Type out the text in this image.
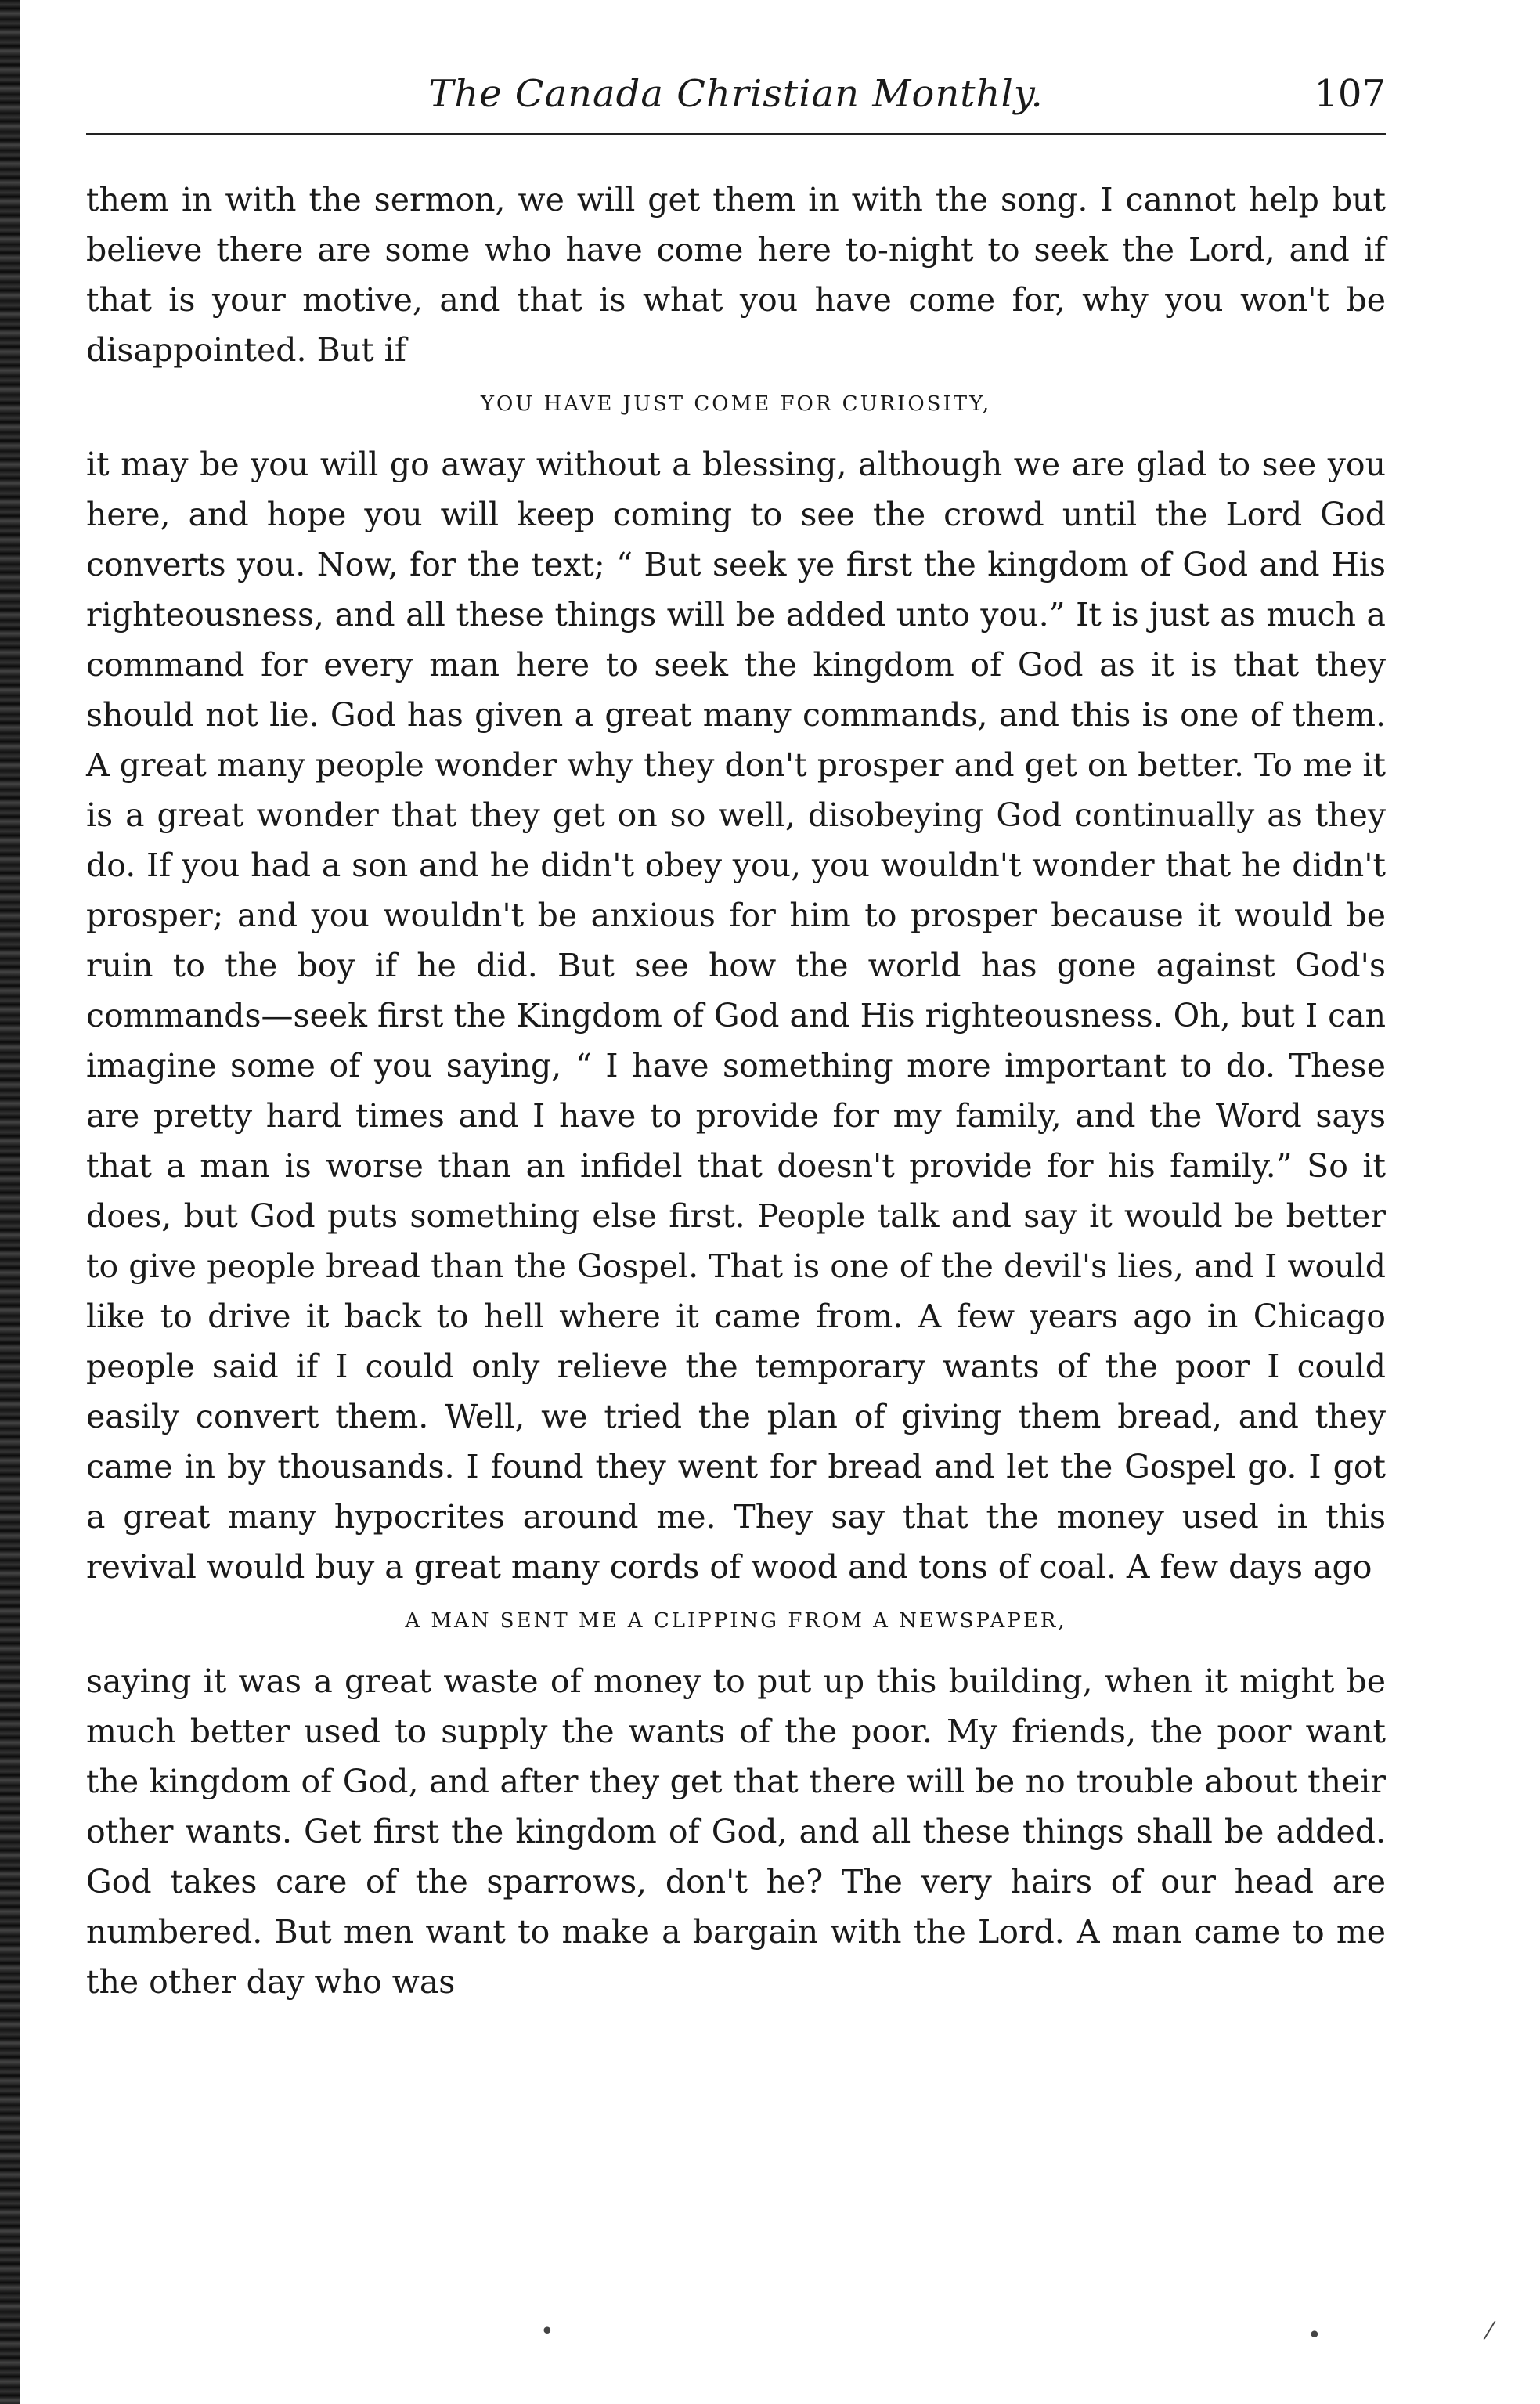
The Canada Christian Monthly.	107

them in with the sermon, we will get them in with the song. I cannot help but believe there are some who have come here to-night to seek the Lord, and if that is your motive, and that is what you have come for, why you won't be disappointed. But if

YOU HAVE JUST COME FOR CURIOSITY,

it may be you will go away without a blessing, although we are glad to see you here, and hope you will keep coming to see the crowd until the Lord God converts you. Now, for the text; “ But seek ye first the kingdom of God and His righteousness, and all these things will be added unto you.” It is just as much a command for every man here to seek the kingdom of God as it is that they should not lie. God has given a great many commands, and this is one of them. A great many people wonder why they don't prosper and get on better. To me it is a great wonder that they get on so well, disobeying God continually as they do. If you had a son and he didn't obey you, you wouldn't wonder that he didn't prosper; and you wouldn't be anxious for him to prosper because it would be ruin to the boy if he did. But see how the world has gone against God's commands—seek first the Kingdom of God and His righteousness. Oh, but I can imagine some of you saying, “ I have something more important to do. These are pretty hard times and I have to provide for my family, and the Word says that a man is worse than an infidel that doesn't provide for his family.” So it does, but God puts something else first. People talk and say it would be better to give people bread than the Gospel. That is one of the devil's lies, and I would like to drive it back to hell where it came from. A few years ago in Chicago people said if I could only relieve the temporary wants of the poor I could easily convert them. Well, we tried the plan of giving them bread, and they came in by thousands. I found they went for bread and let the Gospel go. I got a great many hypocrites around me. They say that the money used in this revival would buy a great many cords of wood and tons of coal. A few days ago

A MAN SENT ME A CLIPPING FROM A NEWSPAPER,

saying it was a great waste of money to put up this building, when it might be much better used to supply the wants of the poor. My friends, the poor want the kingdom of God, and after they get that there will be no trouble about their other wants. Get first the kingdom of God, and all these things shall be added. God takes care of the sparrows, don't he? The very hairs of our head are numbered. But men want to make a bargain with the Lord. A man came to me the other day who was

•	•	⁄
